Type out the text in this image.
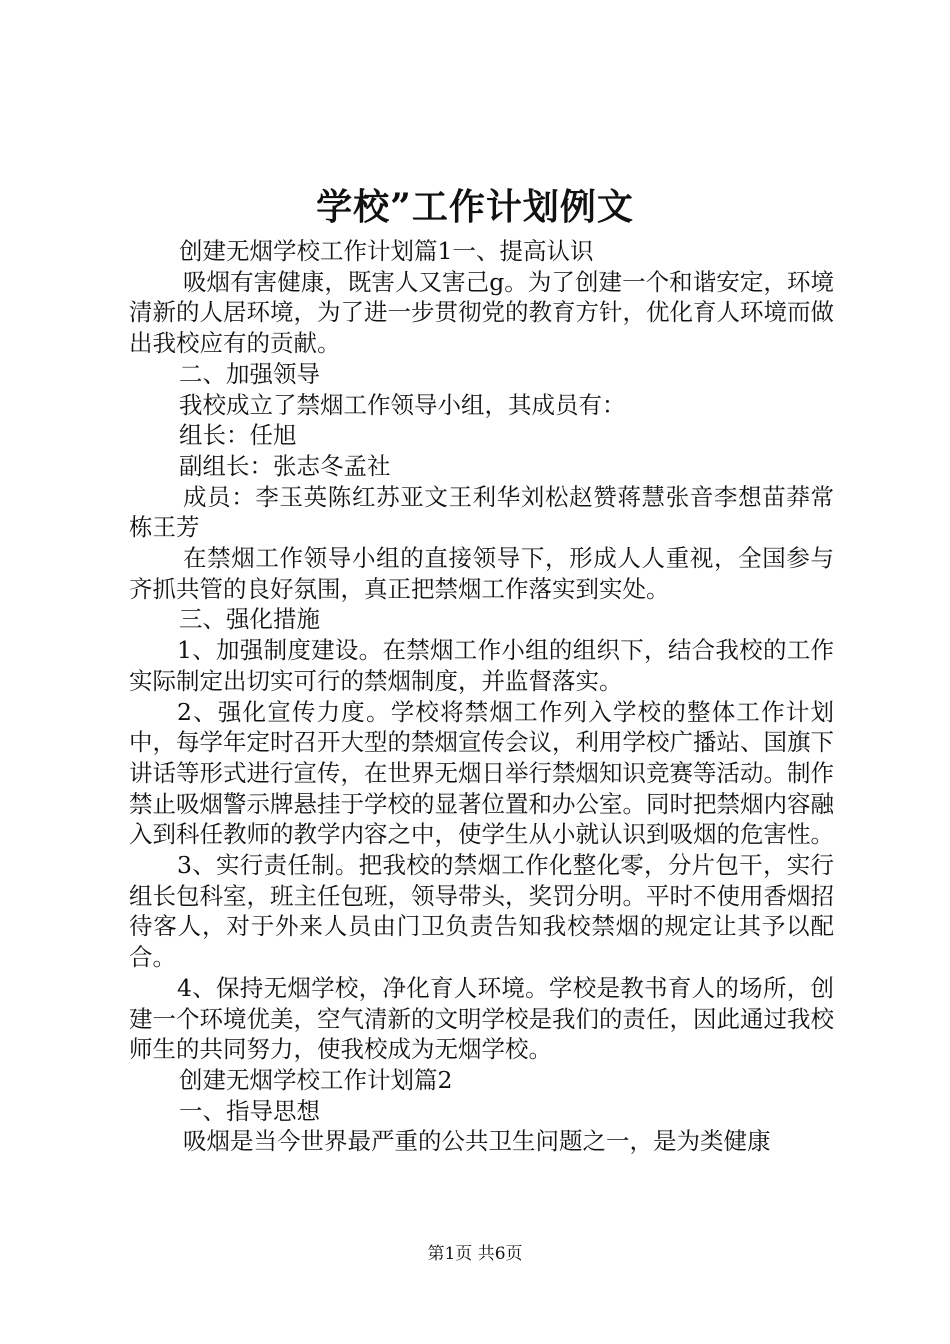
学校”工作计划例文

创建无烟学校工作计划篇1一、提高认识

吸烟有害健康，既害人又害己g。为了创建一个和谐安定，环境清新的人居环境，为了进一步贯彻党的教育方针，优化育人环境而做出我校应有的贡献。

二、加强领导

我校成立了禁烟工作领导小组，其成员有：

组长：任旭

副组长：张志冬孟社

成员：李玉英陈红苏亚文王利华刘松赵赞蒋慧张音李想苗莽常栋王芳

在禁烟工作领导小组的直接领导下，形成人人重视，全国参与齐抓共管的良好氛围，真正把禁烟工作落实到实处。

三、强化措施

1、加强制度建设。在禁烟工作小组的组织下，结合我校的工作实际制定出切实可行的禁烟制度，并监督落实。

2、强化宣传力度。学校将禁烟工作列入学校的整体工作计划中，每学年定时召开大型的禁烟宣传会议，利用学校广播站、国旗下讲话等形式进行宣传，在世界无烟日举行禁烟知识竞赛等活动。制作禁止吸烟警示牌悬挂于学校的显著位置和办公室。同时把禁烟内容融入到科任教师的教学内容之中，使学生从小就认识到吸烟的危害性。

3、实行责任制。把我校的禁烟工作化整化零，分片包干，实行组长包科室，班主任包班，领导带头，奖罚分明。平时不使用香烟招待客人，对于外来人员由门卫负责告知我校禁烟的规定让其予以配合。

4、保持无烟学校，净化育人环境。学校是教书育人的场所，创建一个环境优美，空气清新的文明学校是我们的责任，因此通过我校师生的共同努力，使我校成为无烟学校。

创建无烟学校工作计划篇2

一、指导思想

吸烟是当今世界最严重的公共卫生问题之一，是为类健康

第1页 共6页
